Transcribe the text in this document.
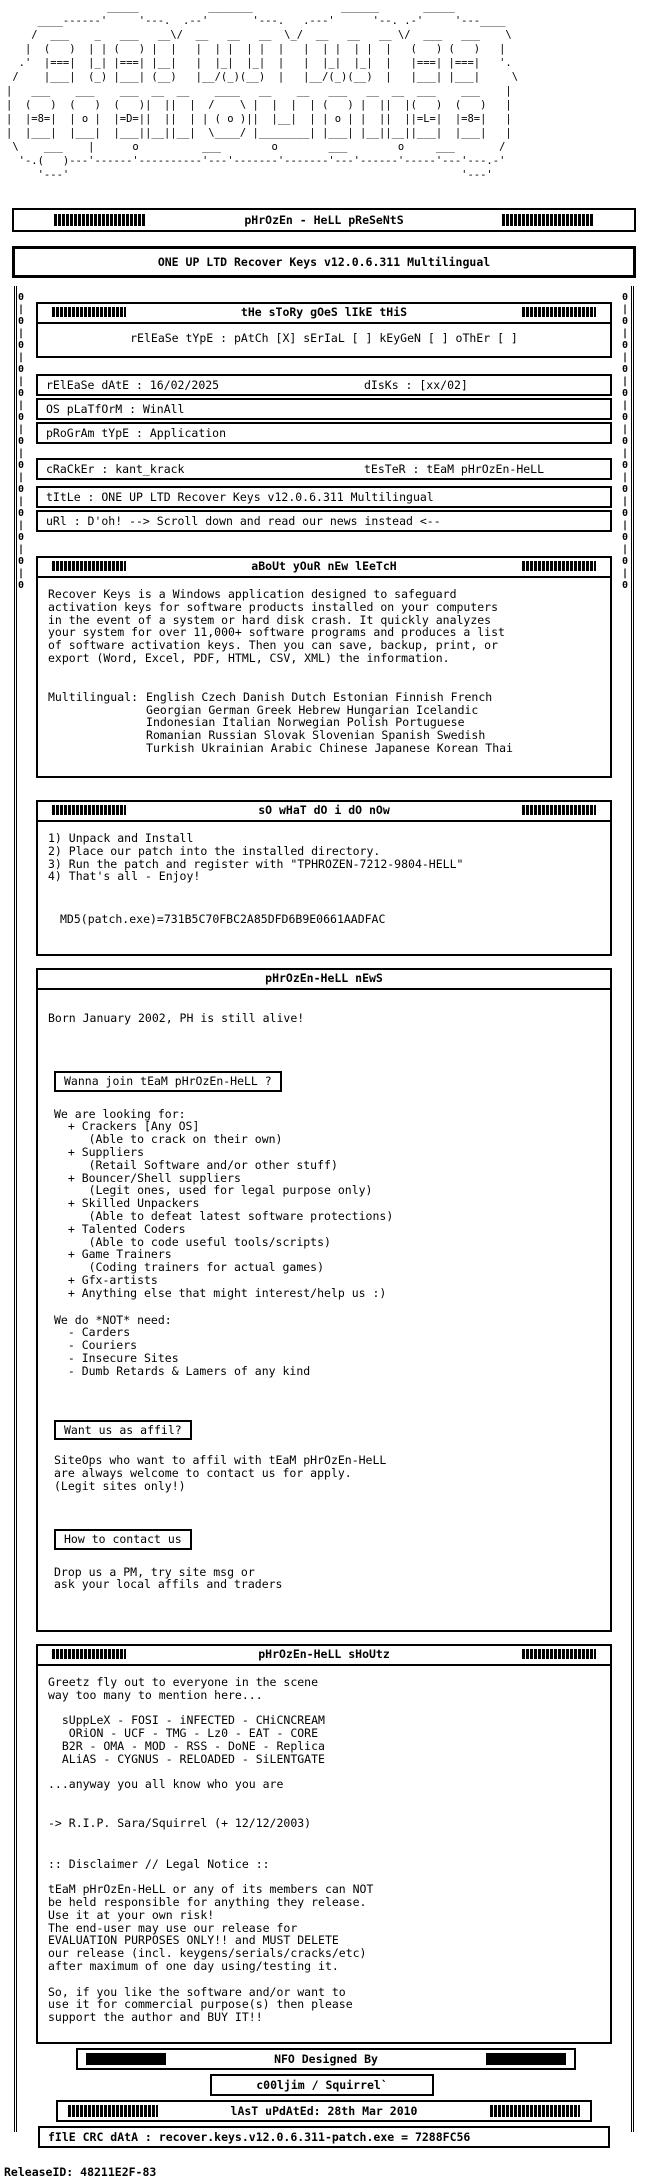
_____           _______              ______       _____
____------'     '---.  .--'       '---.   .---'      '--. .-'     '---____
/  ___    _   ___   __\/  __   __   __  \_/  __   __   __ \/  ___   ___    \
|  (   )  | | (   ) |  |   |  | |  | |  |   |  | |  | |  |   (   ) (   )   |
.'  |===|  |_| |===| |__|   |  |_|  |_|  |   |  |_|  |_|  |   |===| |===|   '.
/    |___|  (_) |___| (__)   |__/(_)(__)  |   |__/(_)(__)  |   |___| |___|     \
|   ___    ___    ___  __  __    ____   __    __   ___   __  __  ___    ___    |
|  (   )  (   )  (   )|  ||  |  /    \ |  |  |  | (   ) |  ||  |(   )  (   )   |
|  |=8=|  | o |  |=D=||  ||  | | ( o )||  |__|  | | o | |  ||  ||=L=|  |=8=|   |
|  |___|  |___|  |___||__||__|  \____/ |________| |___| |__||__||___|  |___|   |
\    ___    |      o          ___        o        ___        o     ___       /
'-.(   )---'------'----------'---'-------'-------'---'------'-----'---'---.-'
'---'                                                              '---'
pHrOzEn - HeLL pReSeNtS
ONE UP LTD Recover Keys v12.0.6.311 Multilingual
0
|
0
|
0
|
0
|
0
|
0
|
0
|
0
|
0
|
0
|
0
|
0
|
0
0
|
0
|
0
|
0
|
0
|
0
|
0
|
0
|
0
|
0
|
0
|
0
|
0
tHe sToRy gOeS lIkE tHiS
rElEaSe tYpE : pAtCh [X] sErIaL [ ] kEyGeN [ ] oThEr [ ]
rElEaSe dAtE : 16/02/2025	dIsKs : [xx/02]
OS pLaTfOrM : WinAll
pRoGrAm tYpE : Application
cRaCkEr : kant_krack	tEsTeR : tEaM pHrOzEn-HeLL
tItLe : ONE UP LTD Recover Keys v12.0.6.311 Multilingual
uRl : D'oh! --> Scroll down and read our news instead <--
aBoUt yOuR nEw lEeTcH
Recover Keys is a Windows application designed to safeguard
activation keys for software products installed on your computers
in the event of a system or hard disk crash. It quickly analyzes
your system for over 11,000+ software programs and produces a list
of software activation keys. Then you can save, backup, print, or
export (Word, Excel, PDF, HTML, CSV, XML) the information.
Multilingual: English Czech Danish Dutch Estonian Finnish French
Georgian German Greek Hebrew Hungarian Icelandic
Indonesian Italian Norwegian Polish Portuguese
Romanian Russian Slovak Slovenian Spanish Swedish
Turkish Ukrainian Arabic Chinese Japanese Korean Thai
sO wHaT dO i dO nOw
1) Unpack and Install
2) Place our patch into the installed directory.
3) Run the patch and register with "TPHROZEN-7212-9804-HELL"
4) That's all - Enjoy!
MD5(patch.exe)=731B5C70FBC2A85DFD6B9E0661AADFAC
pHrOzEn-HeLL nEwS
Born January 2002, PH is still alive!
Wanna join tEaM pHrOzEn-HeLL ?
We are looking for:
+ Crackers [Any OS]
(Able to crack on their own)
+ Suppliers
(Retail Software and/or other stuff)
+ Bouncer/Shell suppliers
(Legit ones, used for legal purpose only)
+ Skilled Unpackers
(Able to defeat latest software protections)
+ Talented Coders
(Able to code useful tools/scripts)
+ Game Trainers
(Coding trainers for actual games)
+ Gfx-artists
+ Anything else that might interest/help us :)
We do *NOT* need:
- Carders
- Couriers
- Insecure Sites
- Dumb Retards & Lamers of any kind
Want us as affil?
SiteOps who want to affil with tEaM pHrOzEn-HeLL
are always welcome to contact us for apply.
(Legit sites only!)
How to contact us
Drop us a PM, try site msg or
ask your local affils and traders
pHrOzEn-HeLL sHoUtz
Greetz fly out to everyone in the scene
way too many to mention here...

sUppLeX - FOSI - iNFECTED - CHiCNCREAM
ORiON - UCF - TMG - Lz0 - EAT - CORE
B2R - OMA - MOD - RSS - DoNE - Replica
ALiAS - CYGNUS - RELOADED - SiLENTGATE

...anyway you all know who you are

-> R.I.P. Sara/Squirrel (+ 12/12/2003)
:: Disclaimer // Legal Notice ::

tEaM pHrOzEn-HeLL or any of its members can NOT
be held responsible for anything they release.
Use it at your own risk!
The end-user may use our release for
EVALUATION PURPOSES ONLY!! and MUST DELETE
our release (incl. keygens/serials/cracks/etc)
after maximum of one day using/testing it.

So, if you like the software and/or want to
use it for commercial purpose(s) then please
support the author and BUY IT!!
NFO Designed By
c00ljim / Squirrel`
lAsT uPdAtEd: 28th Mar 2010
fIlE CRC dAtA : recover.keys.v12.0.6.311-patch.exe = 7288FC56
ReleaseID: 48211E2F-83
